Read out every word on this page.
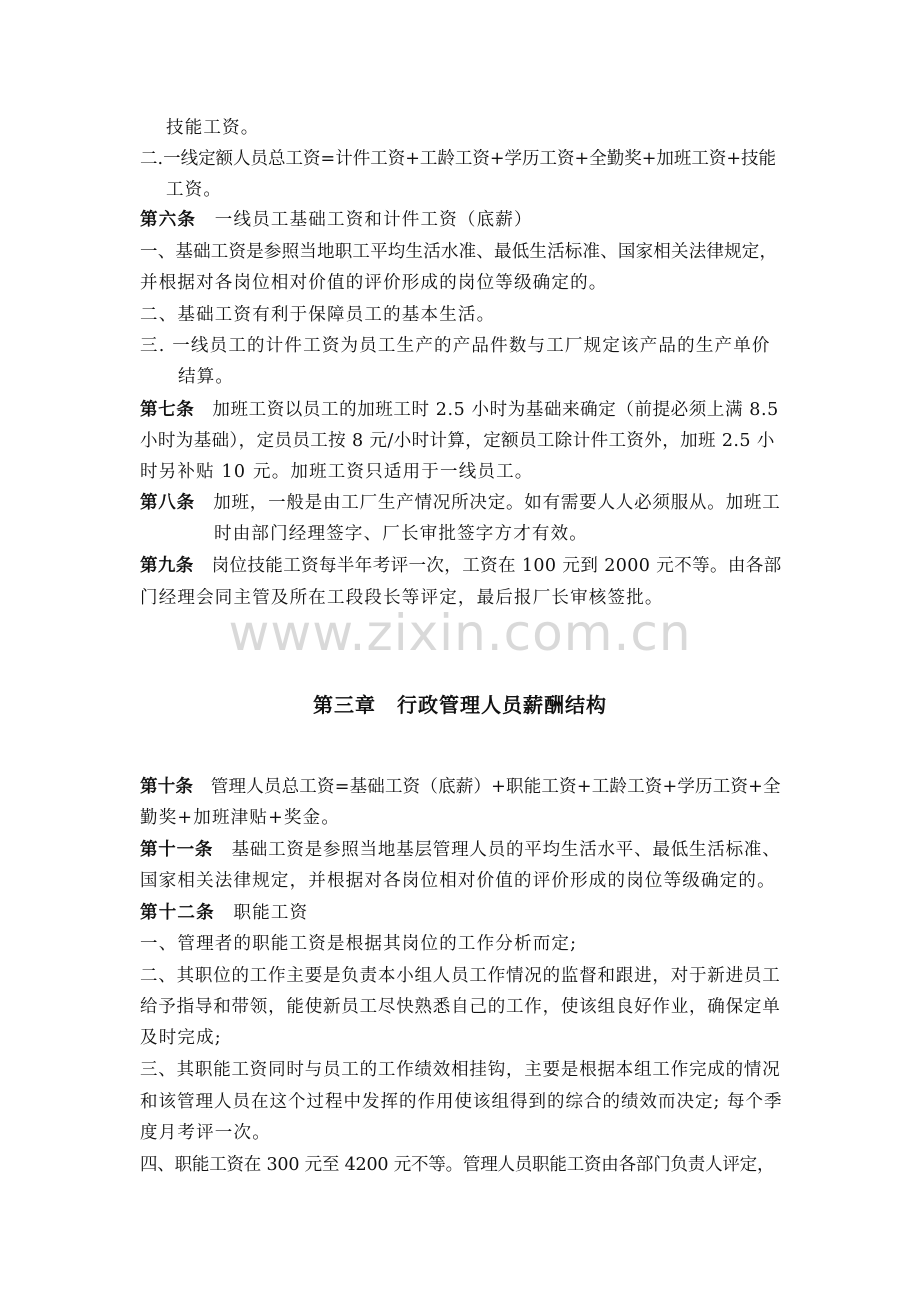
技能工资。
二.一线定额人员总工资=计件工资+工龄工资+学历工资+全勤奖+加班工资+技能
工资。
第六条　一线员工基础工资和计件工资（底薪）
一、基础工资是参照当地职工平均生活水准、最低生活标准、国家相关法律规定，
并根据对各岗位相对价值的评价形成的岗位等级确定的。
二、基础工资有利于保障员工的基本生活。
三. 一线员工的计件工资为员工生产的产品件数与工厂规定该产品的生产单价
结算。
第七条　加班工资以员工的加班工时 2.5 小时为基础来确定（前提必须上满 8.5
小时为基础），定员员工按 8 元/小时计算，定额员工除计件工资外，加班 2.5 小
时另补贴 10 元。加班工资只适用于一线员工。
第八条　加班，一般是由工厂生产情况所决定。如有需要人人必须服从。加班工
时由部门经理签字、厂长审批签字方才有效。
第九条　岗位技能工资每半年考评一次，工资在 100 元到 2000 元不等。由各部
门经理会同主管及所在工段段长等评定，最后报厂长审核签批。
www.zixin.com.cn
第三章　行政管理人员薪酬结构
第十条　管理人员总工资=基础工资（底薪）+职能工资+工龄工资+学历工资+全
勤奖+加班津贴+奖金。
第十一条　基础工资是参照当地基层管理人员的平均生活水平、最低生活标准、
国家相关法律规定，并根据对各岗位相对价值的评价形成的岗位等级确定的。
第十二条　职能工资
一、管理者的职能工资是根据其岗位的工作分析而定;
二、其职位的工作主要是负责本小组人员工作情况的监督和跟进，对于新进员工
给予指导和带领，能使新员工尽快熟悉自己的工作，使该组良好作业，确保定单
及时完成;
三、其职能工资同时与员工的工作绩效相挂钩，主要是根据本组工作完成的情况
和该管理人员在这个过程中发挥的作用使该组得到的综合的绩效而决定; 每个季
度月考评一次。
四、职能工资在 300 元至 4200 元不等。管理人员职能工资由各部门负责人评定，
